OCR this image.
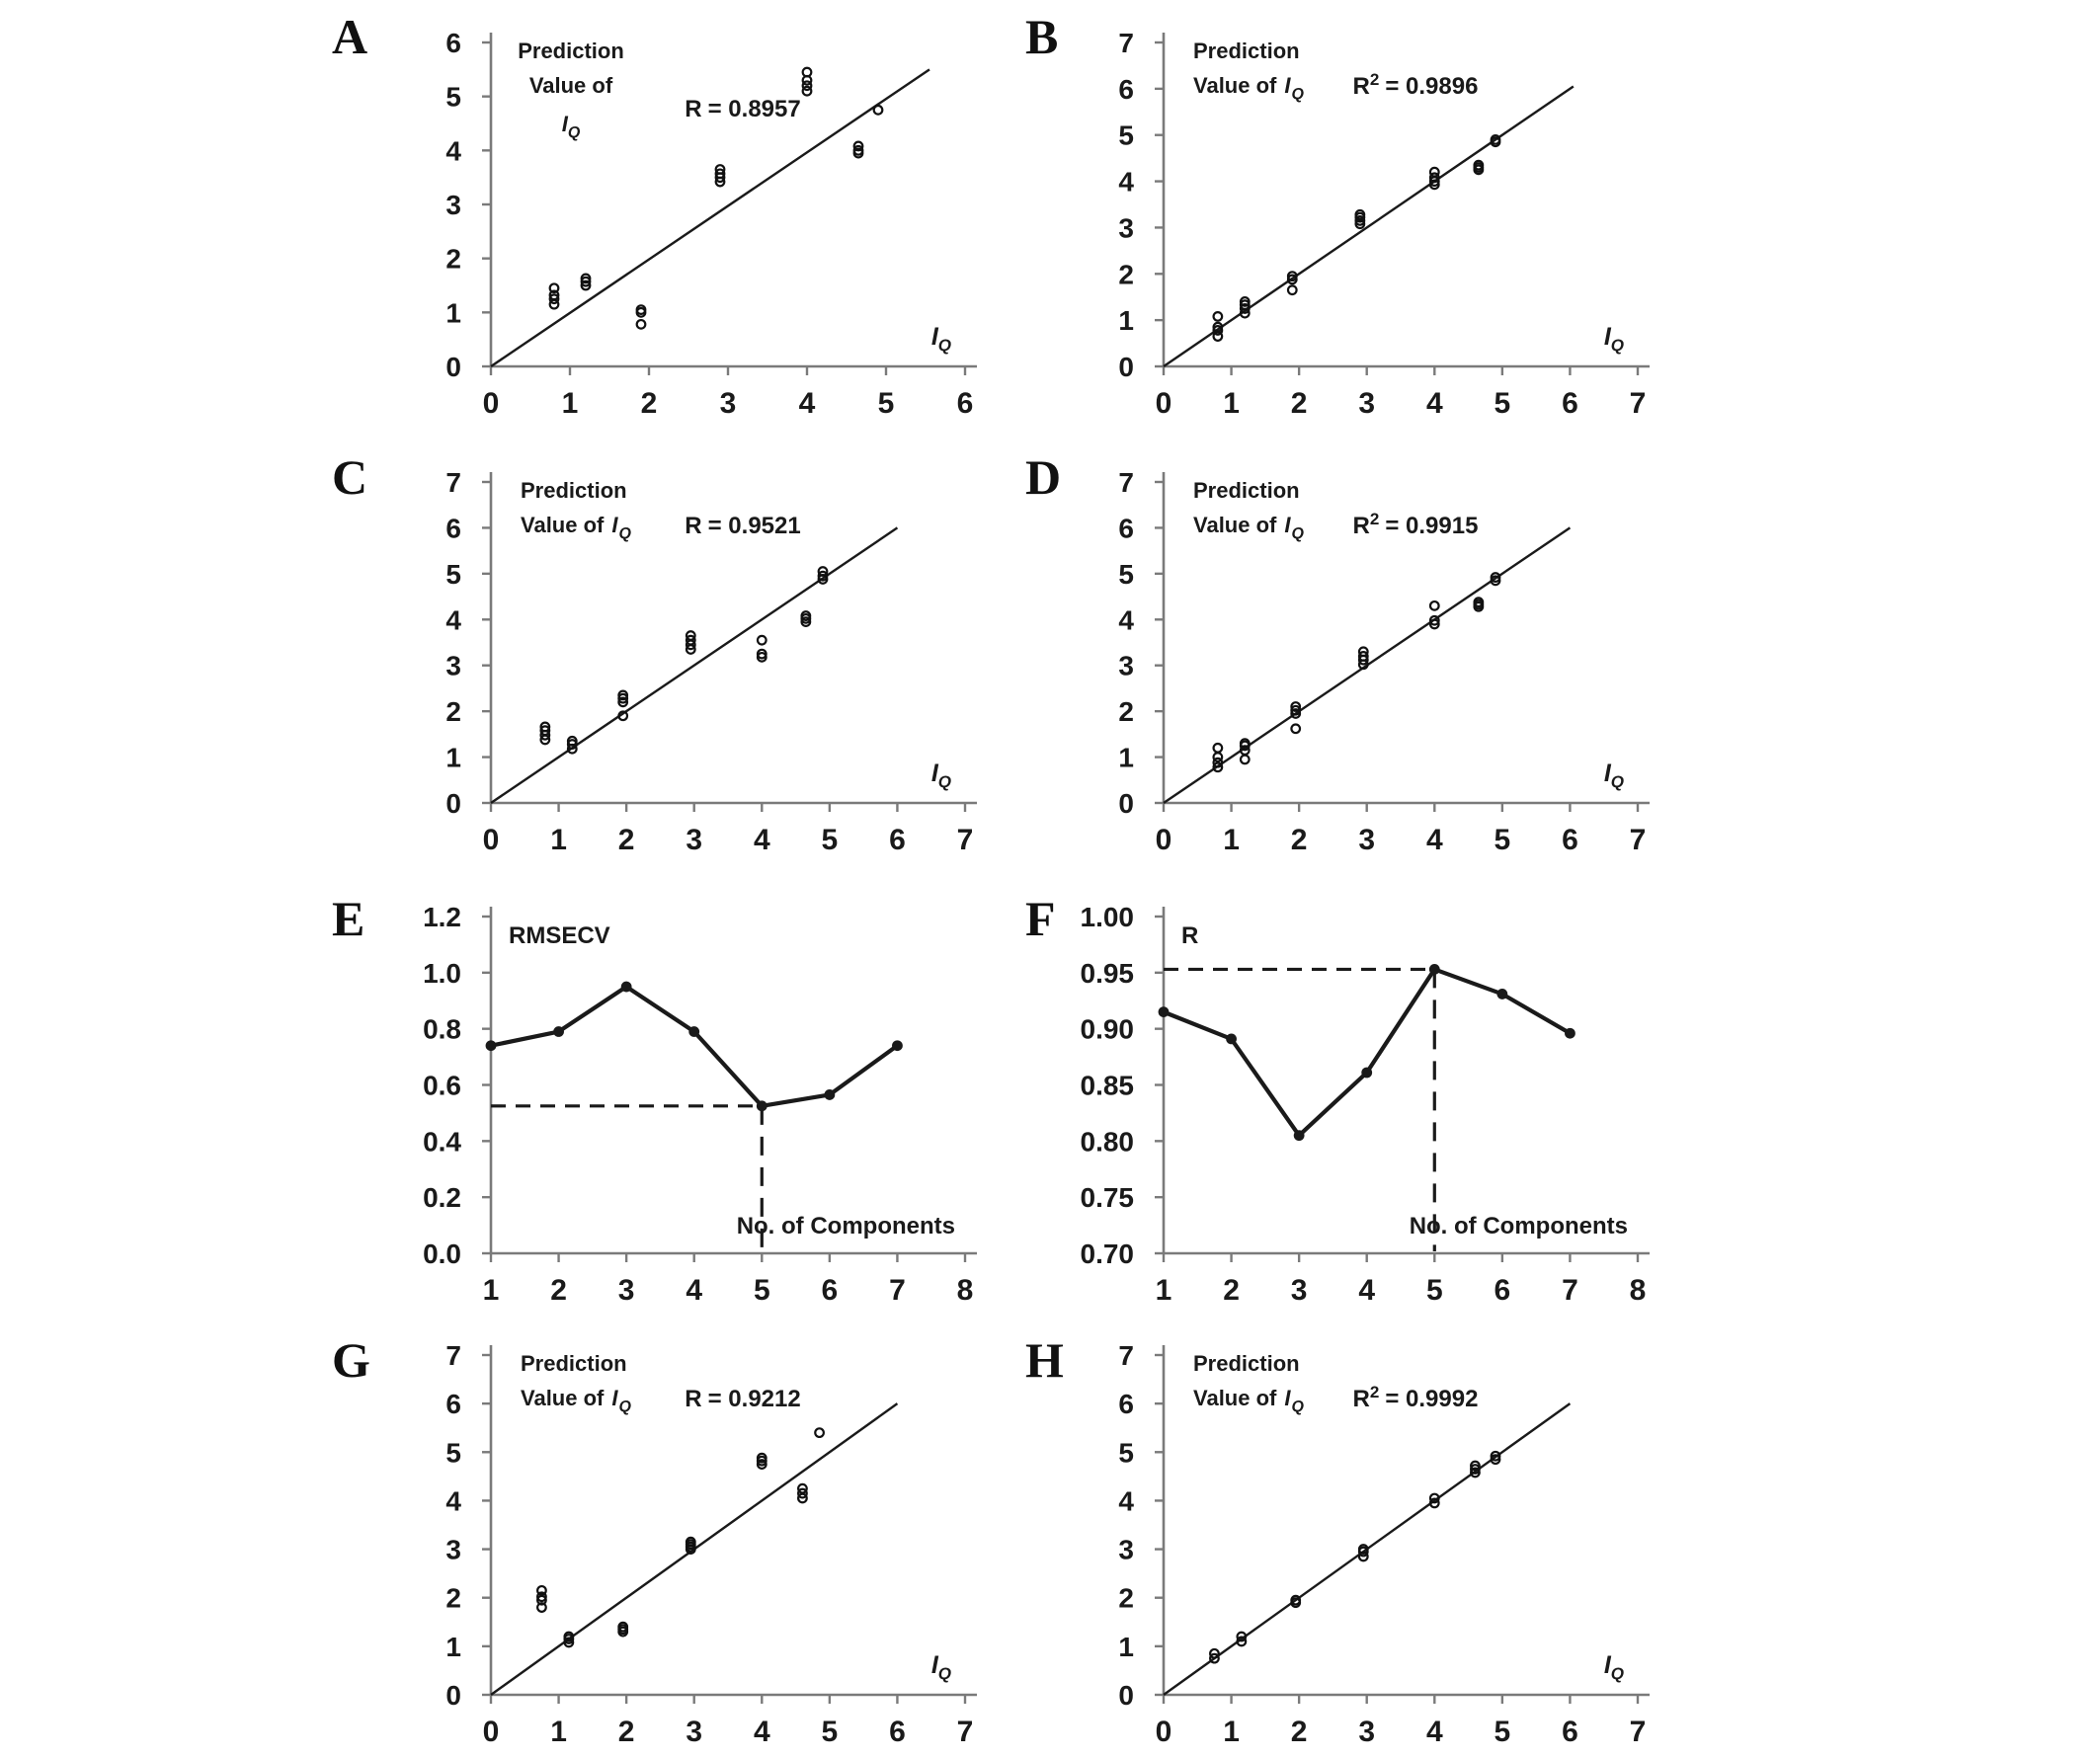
0 1 2 3 4 5 6
0
1
2
3
4
5
6	Prediction
Value of
$I_Q$
R = 0.8957
$I_Q$
0 1 2 3 4 5 6 7
0
1
2
3
4
5
6
7	Prediction
Value of $I_Q$ $R^2 = 0.9896$
$I_Q$
0 1 2 3 4 5 6 7
0
1
2
3
4
5
6
7	Prediction
Value of $I_Q$ R = 0.9521
$I_Q$
0 1 2 3 4 5 6 7
0
1
2
3
4
5
6
7	Prediction
Value of $I_Q$ $R^2 = 0.9915$
$I_Q$
1 2 3 4 5 6 7 8
0.0
0.2
0.4
0.6
0.8
1.0
1.2
RMSECV
No. of Components
1 2 3 4 5 6 7 8
0.70
0.75
0.80
0.85
0.90
0.95
1.00
R
No. of Components
0 1 2 3 4 5 6 7
0
1
2
3
4
5
6
7	Prediction
Value of $I_Q$ R = 0.9212
$I_Q$
0 1 2 3 4 5 6 7
0
1
2
3
4
5
6
7	Prediction
Value of $I_Q$ $R^2 = 0.9992$
$I_Q$
A	B
C	D
E	F
G	H
